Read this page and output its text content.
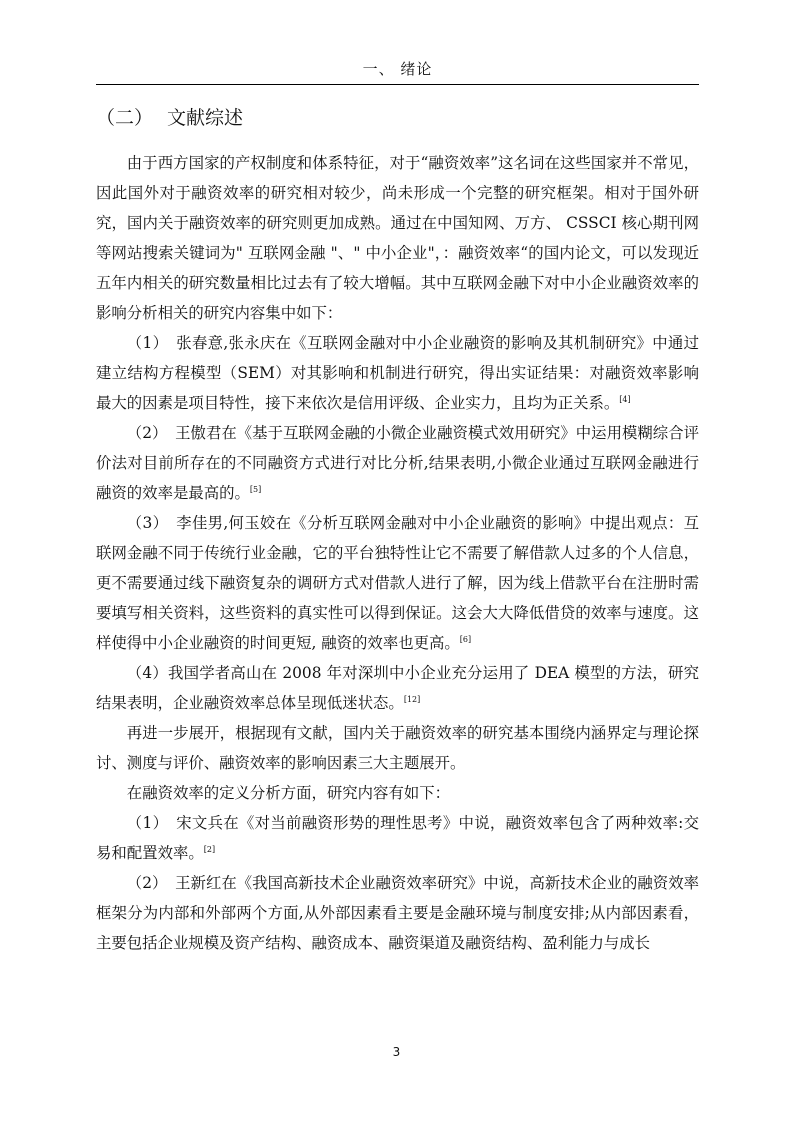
一、 绪论
（二） 文献综述

由于西方国家的产权制度和体系特征，对于“融资效率”这名词在这些国家并不常见，因此国外对于融资效率的研究相对较少，尚未形成一个完整的研究框架。相对于国外研究，国内关于融资效率的研究则更加成熟。通过在中国知网、万方、 CSSCI 核心期刊网等网站搜索关键词为" 互联网金融 "、" 中小企业"，：融资效率“的国内论文，可以发现近五年内相关的研究数量相比过去有了较大增幅。其中互联网金融下对中小企业融资效率的影响分析相关的研究内容集中如下：

（1）　张春意,张永庆在《互联网金融对中小企业融资的影响及其机制研究》中通过建立结构方程模型（SEM）对其影响和机制进行研究，得出实证结果：对融资效率影响最大的因素是项目特性，接下来依次是信用评级、企业实力，且均为正关系。[4]

（2）　王傲君在《基于互联网金融的小微企业融资模式效用研究》中运用模糊综合评价法对目前所存在的不同融资方式进行对比分析,结果表明,小微企业通过互联网金融进行融资的效率是最高的。[5]

（3）　李佳男,何玉姣在《分析互联网金融对中小企业融资的影响》中提出观点：互联网金融不同于传统行业金融，它的平台独特性让它不需要了解借款人过多的个人信息，更不需要通过线下融资复杂的调研方式对借款人进行了解，因为线上借款平台在注册时需要填写相关资料，这些资料的真实性可以得到保证。这会大大降低借贷的效率与速度。这样使得中小企业融资的时间更短, 融资的效率也更高。[6]

（4）我国学者高山在 2008 年对深圳中小企业充分运用了 DEA 模型的方法，研究结果表明，企业融资效率总体呈现低迷状态。[12]

再进一步展开，根据现有文献，国内关于融资效率的研究基本围绕内涵界定与理论探讨、测度与评价、融资效率的影响因素三大主题展开。

在融资效率的定义分析方面，研究内容有如下：

（1）　宋文兵在《对当前融资形势的理性思考》中说，融资效率包含了两种效率:交易和配置效率。[2]

（2）　王新红在《我国高新技术企业融资效率研究》中说，高新技术企业的融资效率框架分为内部和外部两个方面,从外部因素看主要是金融环境与制度安排;从内部因素看，主要包括企业规模及资产结构、融资成本、融资渠道及融资结构、盈利能力与成长

3
